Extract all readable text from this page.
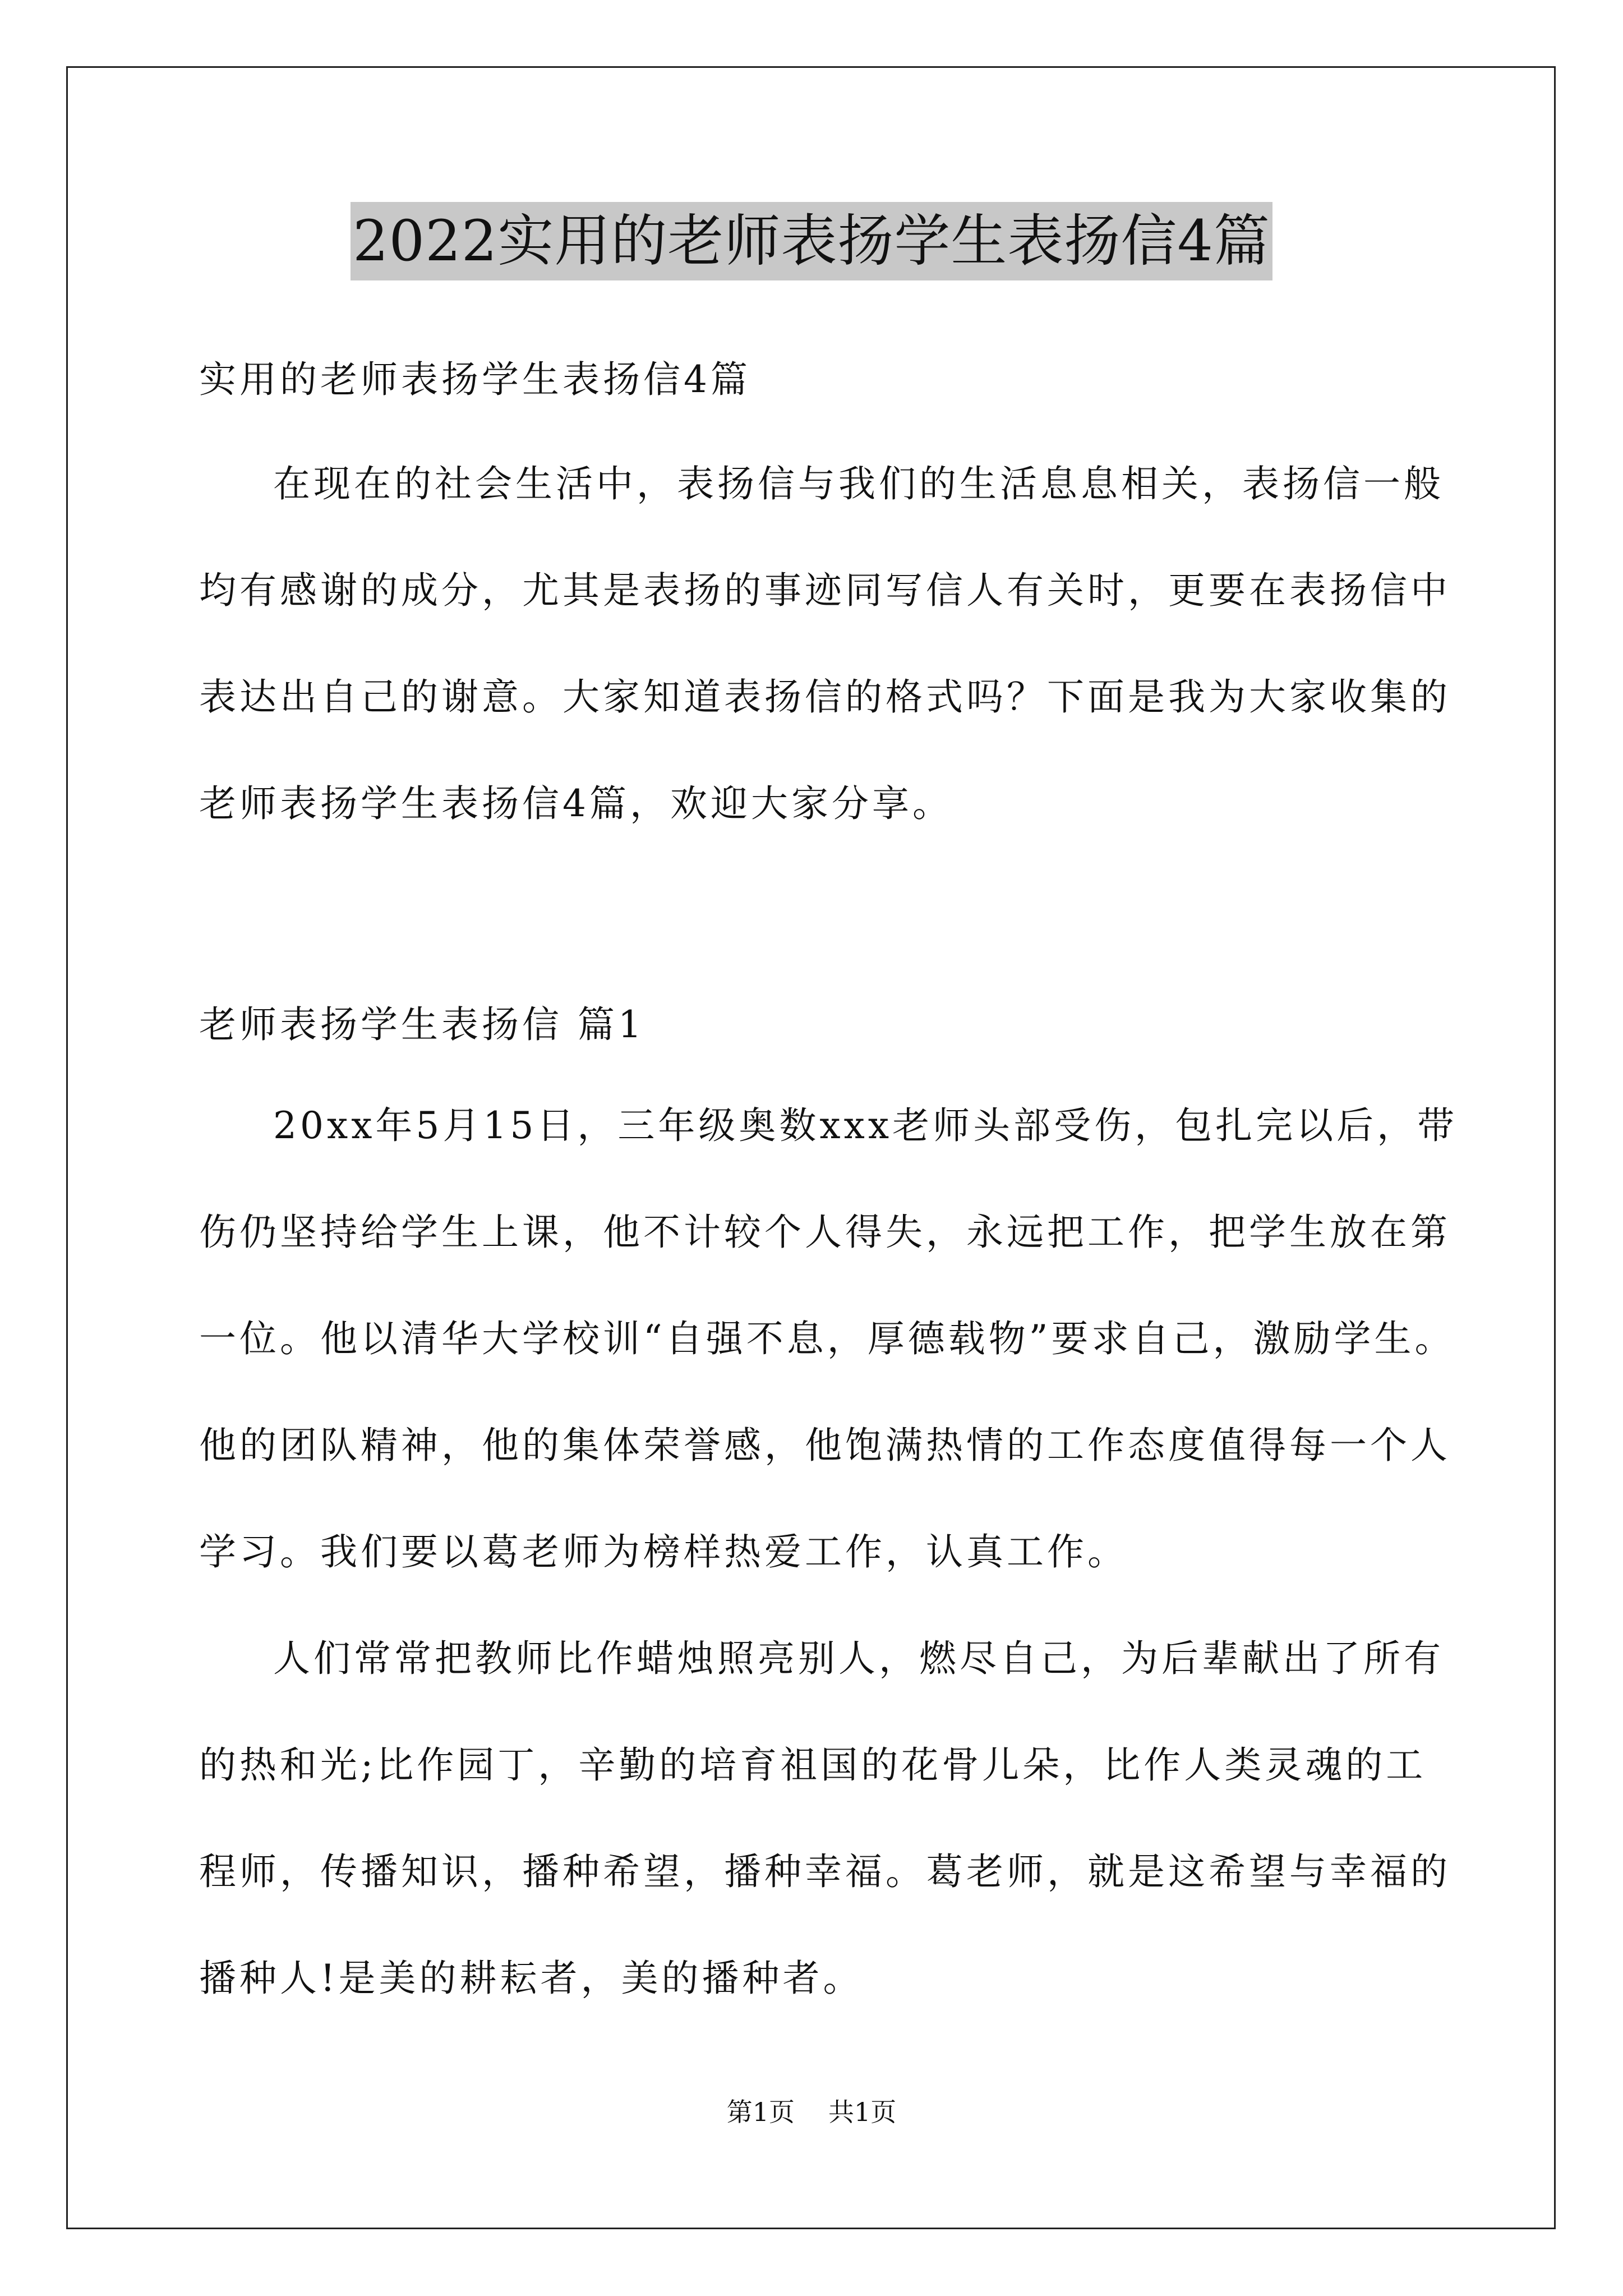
2022实用的老师表扬学生表扬信4篇
实用的老师表扬学生表扬信4篇
在现在的社会生活中，表扬信与我们的生活息息相关，表扬信一般均有感谢的成分，尤其是表扬的事迹同写信人有关时，更要在表扬信中表达出自己的谢意。大家知道表扬信的格式吗？下面是我为大家收集的老师表扬学生表扬信4篇，欢迎大家分享。
老师表扬学生表扬信 篇1
20xx年5月15日，三年级奥数xxx老师头部受伤，包扎完以后，带伤仍坚持给学生上课，他不计较个人得失，永远把工作，把学生放在第一位。他以清华大学校训“自强不息，厚德载物”要求自己，激励学生。他的团队精神，他的集体荣誉感，他饱满热情的工作态度值得每一个人学习。我们要以葛老师为榜样热爱工作，认真工作。
人们常常把教师比作蜡烛照亮别人，燃尽自己，为后辈献出了所有的热和光;比作园丁，辛勤的培育祖国的花骨儿朵，比作人类灵魂的工程师，传播知识，播种希望，播种幸福。葛老师，就是这希望与幸福的播种人!是美的耕耘者，美的播种者。
第1页 共1页
